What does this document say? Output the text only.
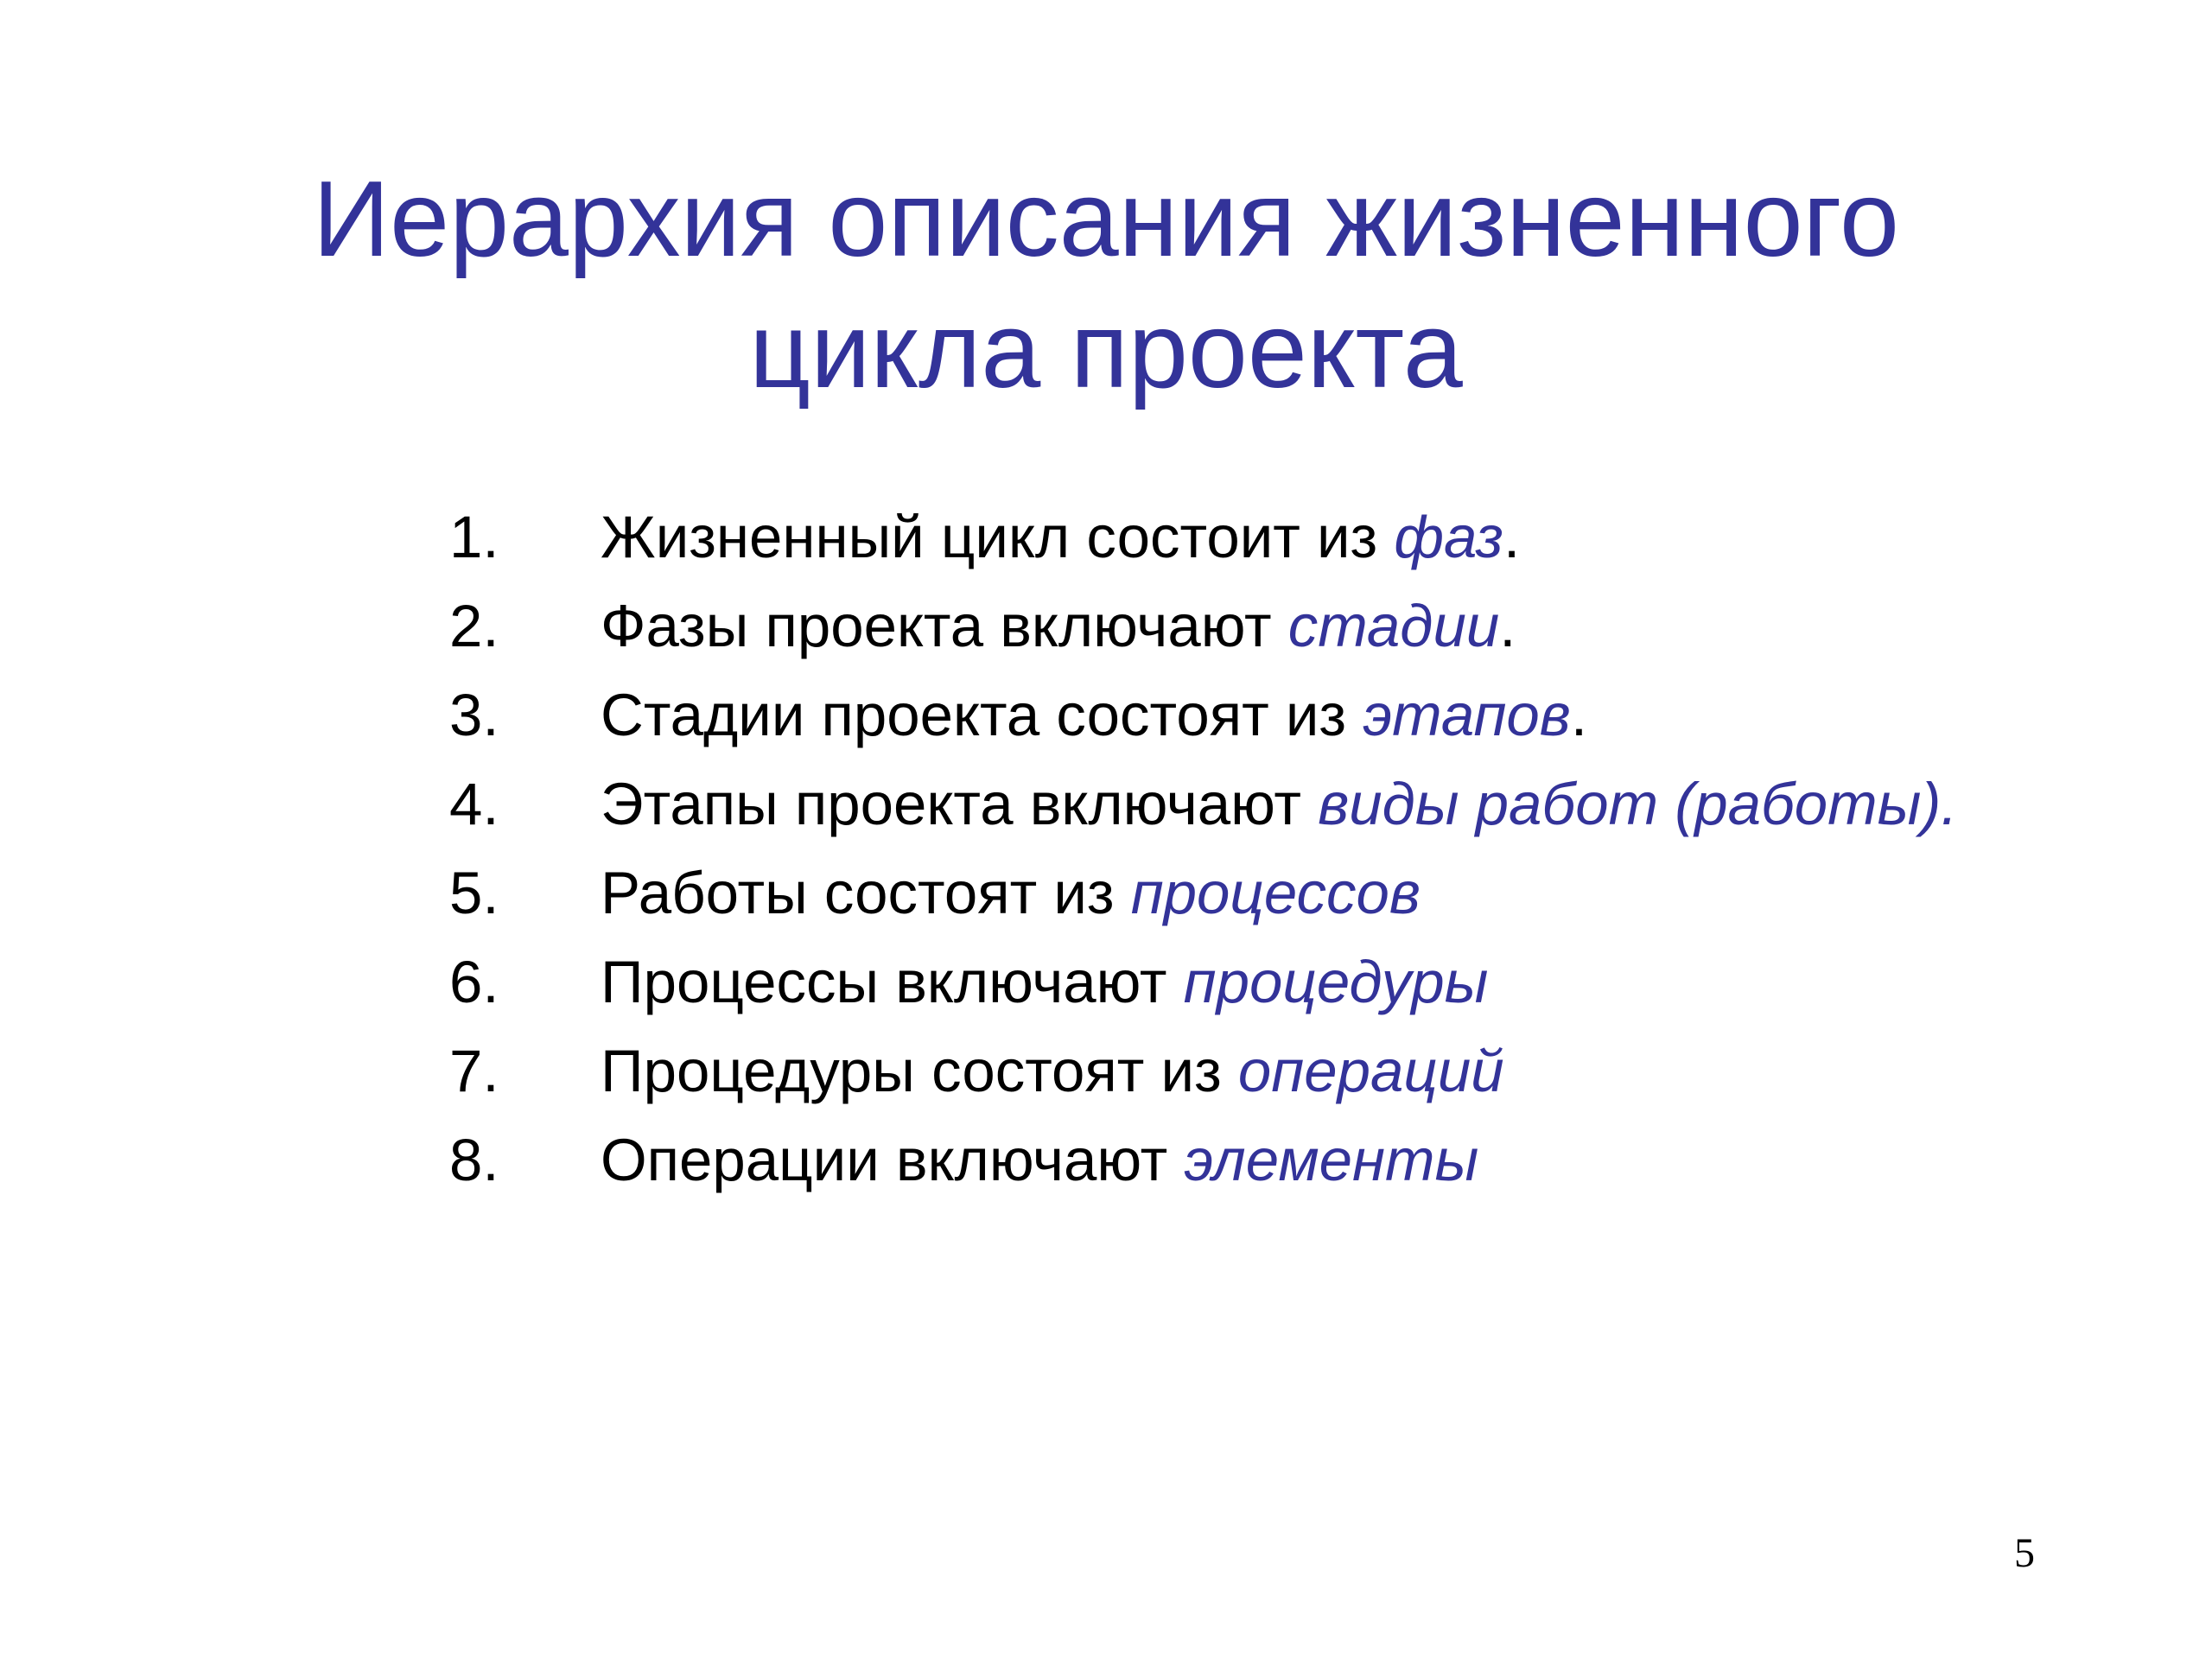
Иерархия описания жизненного
цикла проекта
1.	Жизненный цикл состоит из фаз.
2.	Фазы проекта включают стадии.
3.	Стадии проекта состоят из этапов.
4.	Этапы проекта включают виды работ (работы).
5.	Работы состоят из процессов
6.	Процессы включают процедуры
7.	Процедуры состоят из операций
8.	Операции включают элементы
5
